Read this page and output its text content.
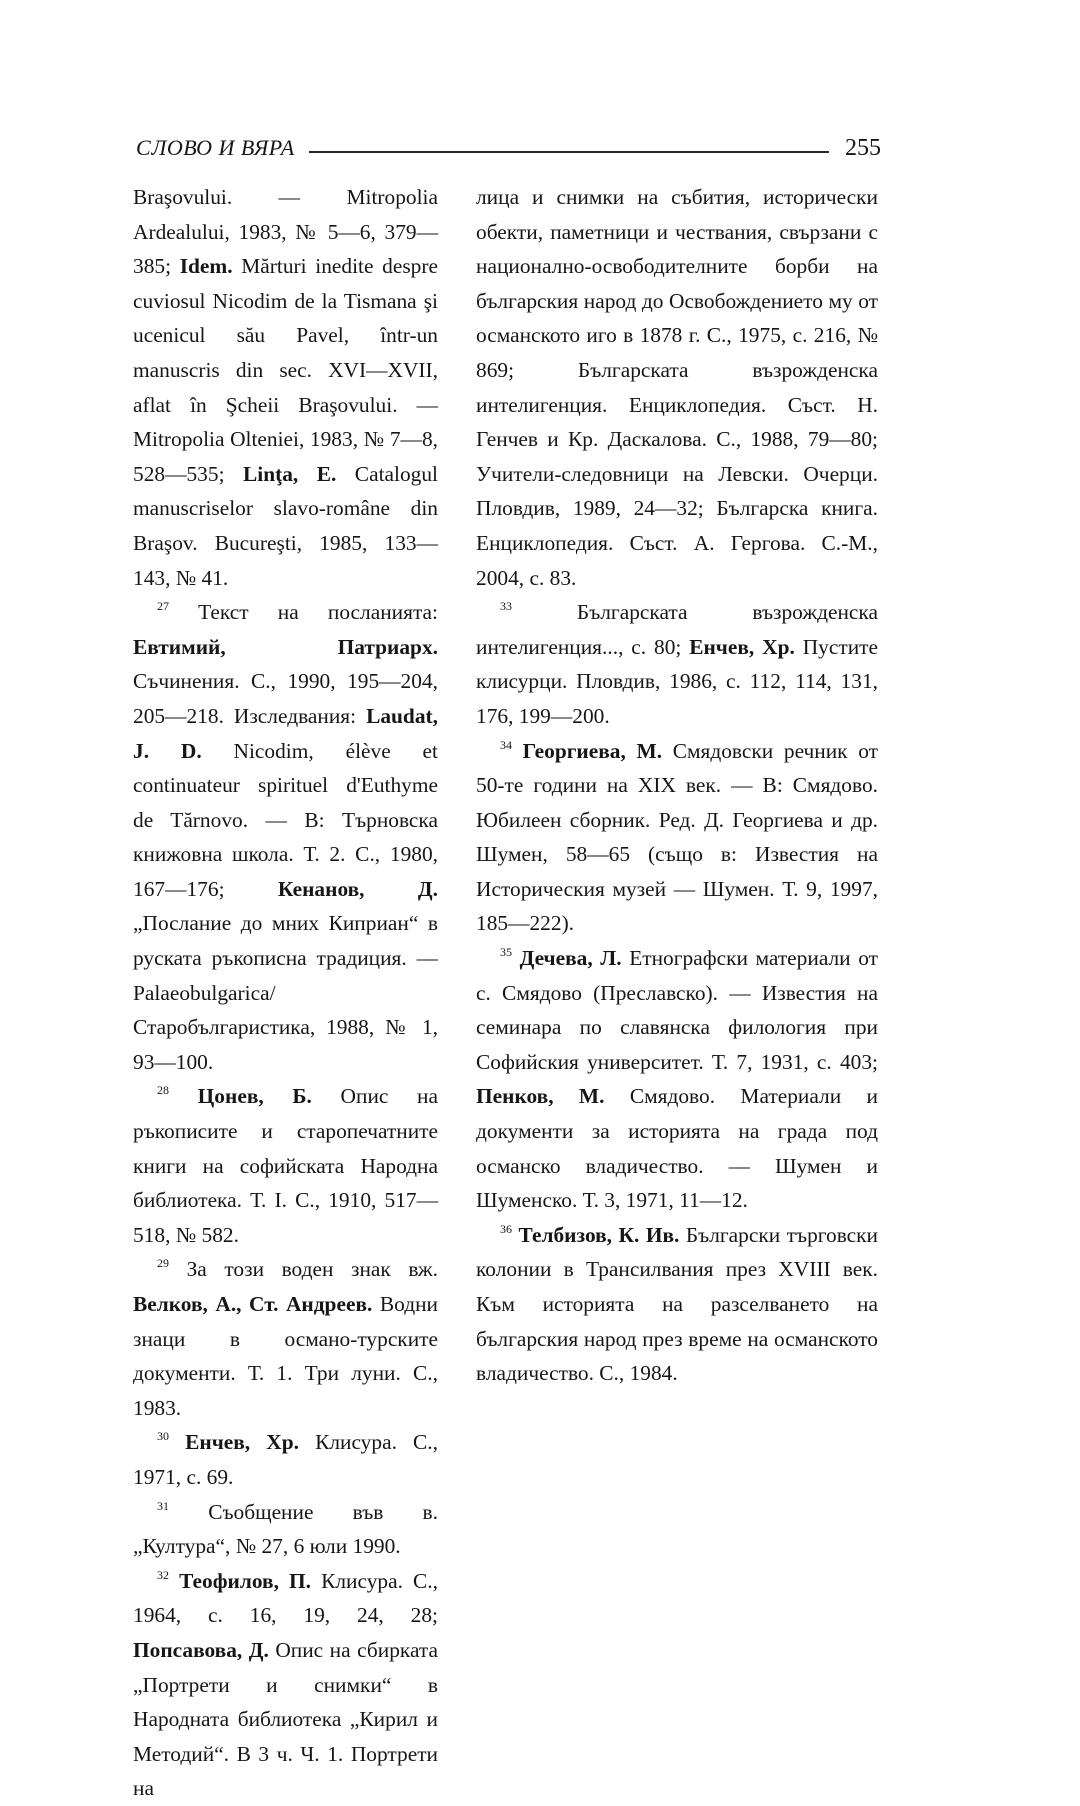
СЛОВО И ВЯРА	255

Braşovului. — Mitropolia Ardealului, 1983, № 5—6, 379—385; Idem. Mărturi inedite despre cuviosul Nicodim de la Tismana şi ucenicul său Pavel, într-un manuscris din sec. XVI—XVII, aflat în Şcheii Braşovului. — Mitropolia Olteniei, 1983, № 7—8, 528—535; Linţa, E. Catalogul manuscriselor slavo-române din Braşov. Bucureşti, 1985, 133—143, № 41.

$^{27}$ Текст на посланията: Евтимий, Патриарх. Съчинения. С., 1990, 195—204, 205—218. Изследвания: Laudat, J. D. Nicodim, élève et continuateur spirituel d'Euthyme de Tărnovo. — В: Търновска книжовна школа. Т. 2. С., 1980, 167—176; Кенанов, Д. „Послание до мних Киприан“ в руската ръкописна традиция. — Palaeobulgarica/Старобългаристика, 1988, № 1, 93—100.

$^{28}$ Цонев, Б. Опис на ръкописите и старопечатните книги на софийската Народна библиотека. Т. І. С., 1910, 517—518, № 582.

$^{29}$ За този воден знак вж. Велков, А., Ст. Андреев. Водни знаци в османо-турските документи. Т. 1. Три луни. С., 1983.

$^{30}$ Енчев, Хр. Клисура. С., 1971, с. 69.

$^{31}$ Съобщение във в. „Култура“, № 27, 6 юли 1990.

$^{32}$ Теофилов, П. Клисура. С., 1964, с. 16, 19, 24, 28; Попсавова, Д. Опис на сбирката „Портрети и снимки“ в Народната библиотека „Кирил и Методий“. В 3 ч. Ч. 1. Портрети на

лица и снимки на събития, исторически обекти, паметници и чествания, свързани с национално-освободителните борби на българския народ до Освобождението му от османското иго в 1878 г. С., 1975, с. 216, № 869; Българската възрожденска интелигенция. Енциклопедия. Съст. Н. Генчев и Кр. Даскалова. С., 1988, 79—80; Учители-следовници на Левски. Очерци. Пловдив, 1989, 24—32; Българска книга. Енциклопедия. Съст. А. Гергова. С.-М., 2004, с. 83.

$^{33}$	Българската възрожденска интелигенция..., с. 80; Енчев, Хр. Пустите клисурци. Пловдив, 1986, с. 112, 114, 131, 176, 199—200.

$^{34}$ Георгиева, М. Смядовски речник от 50-те години на XIX век. — В: Смядово. Юбилеен сборник. Ред. Д. Георгиева и др. Шумен, 58—65 (също в: Известия на Историческия музей — Шумен. Т. 9, 1997, 185—222).

$^{35}$ Дечева, Л. Етнографски материали от с. Смядово (Преславско). — Известия на семинара по славянска филология при Софийския университет. Т. 7, 1931, с. 403; Пенков, М. Смядово. Материали и документи за историята на града под османско владичество. — Шумен и Шуменско. Т. 3, 1971, 11—12.

$^{36}$ Телбизов, К. Ив. Български търговски колонии в Трансилвания през XVIII век. Към историята на разселването на българския народ през време на османското владичество. С., 1984.
